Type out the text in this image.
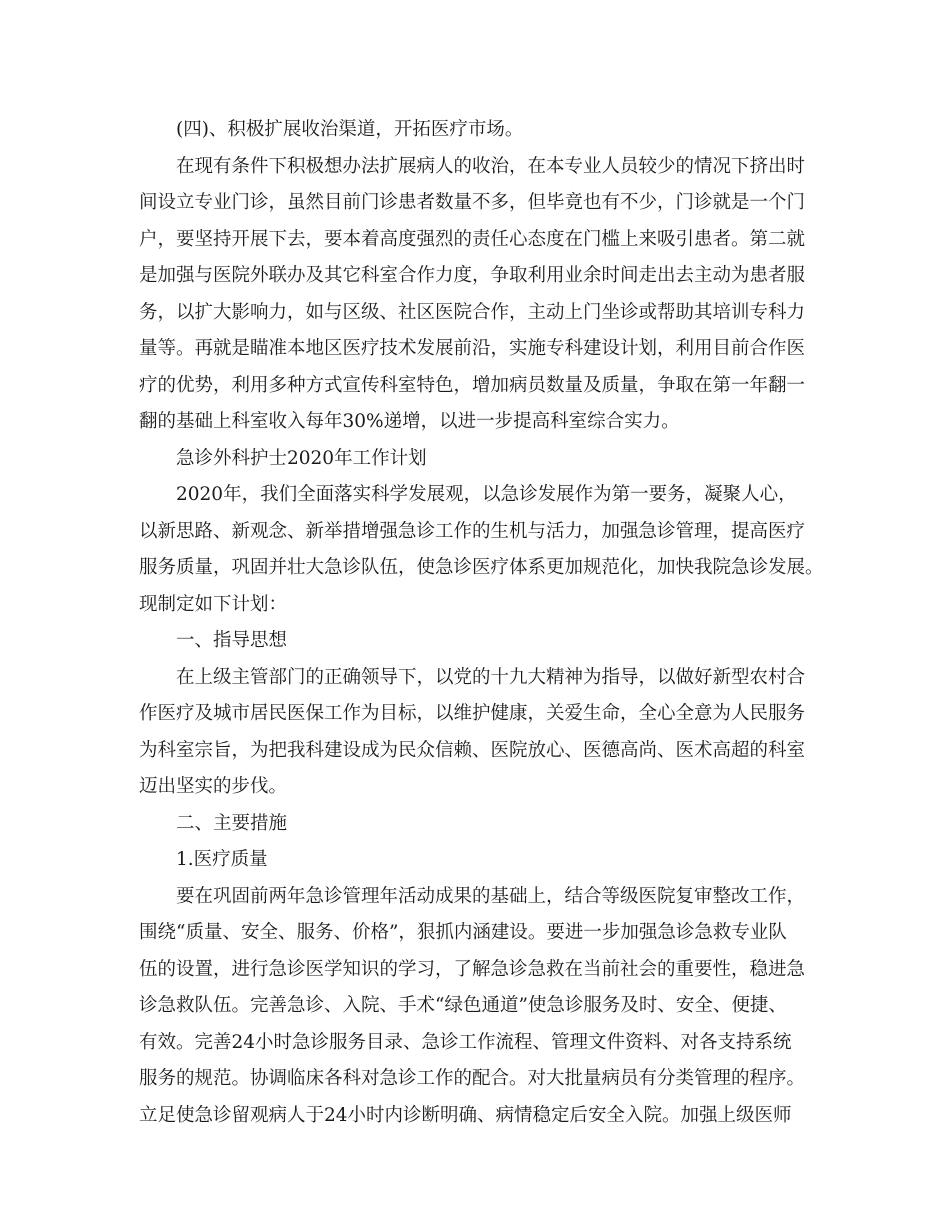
(四)、积极扩展收治渠道，开拓医疗市场。
在现有条件下积极想办法扩展病人的收治，在本专业人员较少的情况下挤出时
间设立专业门诊，虽然目前门诊患者数量不多，但毕竟也有不少，门诊就是一个门
户，要坚持开展下去，要本着高度强烈的责任心态度在门槛上来吸引患者。第二就
是加强与医院外联办及其它科室合作力度，争取利用业余时间走出去主动为患者服
务，以扩大影响力，如与区级、社区医院合作，主动上门坐诊或帮助其培训专科力
量等。再就是瞄准本地区医疗技术发展前沿，实施专科建设计划，利用目前合作医
疗的优势，利用多种方式宣传科室特色，增加病员数量及质量，争取在第一年翻一
翻的基础上科室收入每年30%递增，以进一步提高科室综合实力。
急诊外科护士2020年工作计划
2020年，我们全面落实科学发展观，以急诊发展作为第一要务，凝聚人心，
以新思路、新观念、新举措增强急诊工作的生机与活力，加强急诊管理，提高医疗
服务质量，巩固并壮大急诊队伍，使急诊医疗体系更加规范化，加快我院急诊发展。
现制定如下计划：
一、指导思想
在上级主管部门的正确领导下，以党的十九大精神为指导，以做好新型农村合
作医疗及城市居民医保工作为目标，以维护健康，关爱生命，全心全意为人民服务
为科室宗旨，为把我科建设成为民众信赖、医院放心、医德高尚、医术高超的科室
迈出坚实的步伐。
二、主要措施
1.医疗质量
要在巩固前两年急诊管理年活动成果的基础上，结合等级医院复审整改工作，
围绕“质量、安全、服务、价格”，狠抓内涵建设。要进一步加强急诊急救专业队
伍的设置，进行急诊医学知识的学习，了解急诊急救在当前社会的重要性，稳进急
诊急救队伍。完善急诊、入院、手术“绿色通道”使急诊服务及时、安全、便捷、
有效。完善24小时急诊服务目录、急诊工作流程、管理文件资料、对各支持系统
服务的规范。协调临床各科对急诊工作的配合。对大批量病员有分类管理的程序。
立足使急诊留观病人于24小时内诊断明确、病情稳定后安全入院。加强上级医师
